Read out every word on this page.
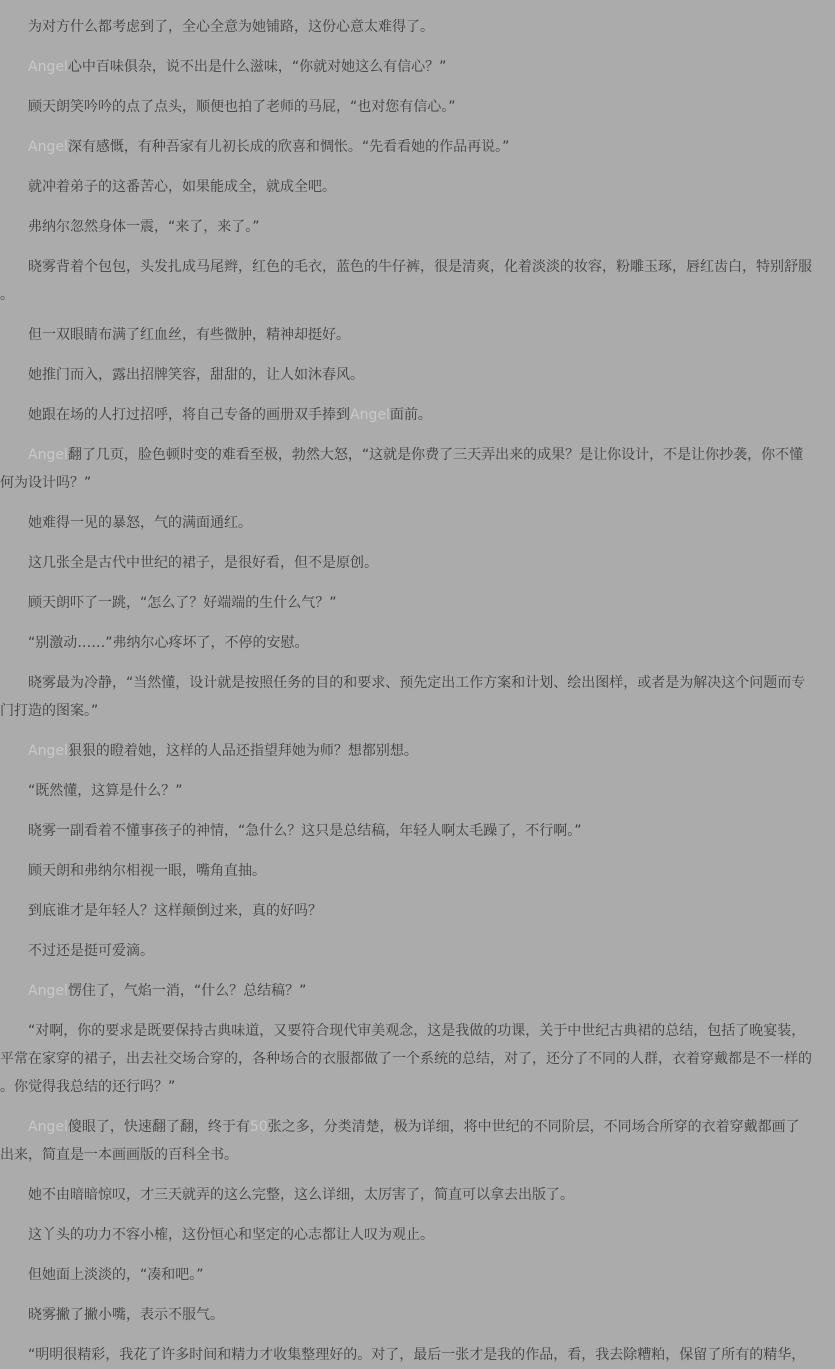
为对方什么都考虑到了，全心全意为她铺路，这份心意太难得了。

Angel心中百味俱杂，说不出是什么滋味，“你就对她这么有信心？”

顾天朗笑吟吟的点了点头，顺便也拍了老师的马屁，“也对您有信心。”

Angel深有感慨，有种吾家有儿初长成的欣喜和惆怅。“先看看她的作品再说。”

就冲着弟子的这番苦心，如果能成全，就成全吧。

弗纳尔忽然身体一震，“来了，来了。”

晓雾背着个包包，头发扎成马尾辫，红色的毛衣，蓝色的牛仔裤，很是清爽，化着淡淡的妆容，粉雕玉琢，唇红齿白，特别舒服。

但一双眼睛布满了红血丝，有些微肿，精神却挺好。

她推门而入，露出招牌笑容，甜甜的，让人如沐春风。

她跟在场的人打过招呼，将自己专备的画册双手捧到Angel面前。

Angel翻了几页，脸色顿时变的难看至极，勃然大怒，“这就是你费了三天弄出来的成果？是让你设计，不是让你抄袭，你不懂何为设计吗？”

她难得一见的暴怒，气的满面通红。

这几张全是古代中世纪的裙子，是很好看，但不是原创。

顾天朗吓了一跳，“怎么了？好端端的生什么气？”

“别激动……”弗纳尔心疼坏了，不停的安慰。

晓雾最为冷静，“当然懂，设计就是按照任务的目的和要求、预先定出工作方案和计划、绘出图样，或者是为解决这个问题而专门打造的图案。”

Angel狠狠的瞪着她，这样的人品还指望拜她为师？想都别想。

“既然懂，这算是什么？”

晓雾一副看着不懂事孩子的神情，“急什么？这只是总结稿，年轻人啊太毛躁了，不行啊。”

顾天朗和弗纳尔相视一眼，嘴角直抽。

到底谁才是年轻人？这样颠倒过来，真的好吗？

不过还是挺可爱滴。

Angel愣住了，气焰一消，“什么？总结稿？”

“对啊，你的要求是既要保持古典味道，又要符合现代审美观念，这是我做的功课，关于中世纪古典裙的总结，包括了晚宴装，平常在家穿的裙子，出去社交场合穿的，各种场合的衣服都做了一个系统的总结，对了，还分了不同的人群，衣着穿戴都是不一样的。你觉得我总结的还行吗？”

Angel傻眼了，快速翻了翻，终于有50张之多，分类清楚，极为详细，将中世纪的不同阶层，不同场合所穿的衣着穿戴都画了出来，简直是一本画画版的百科全书。

她不由暗暗惊叹，才三天就弄的这么完整，这么详细，太厉害了，简直可以拿去出版了。

这丫头的功力不容小榷，这份恒心和坚定的心志都让人叹为观止。

但她面上淡淡的，“凑和吧。”

晓雾撇了撇小嘴，表示不服气。

“明明很精彩，我花了许多时间和精力才收集整理好的。对了，最后一张才是我的作品，看，我去除糟粕，保留了所有的精华，
